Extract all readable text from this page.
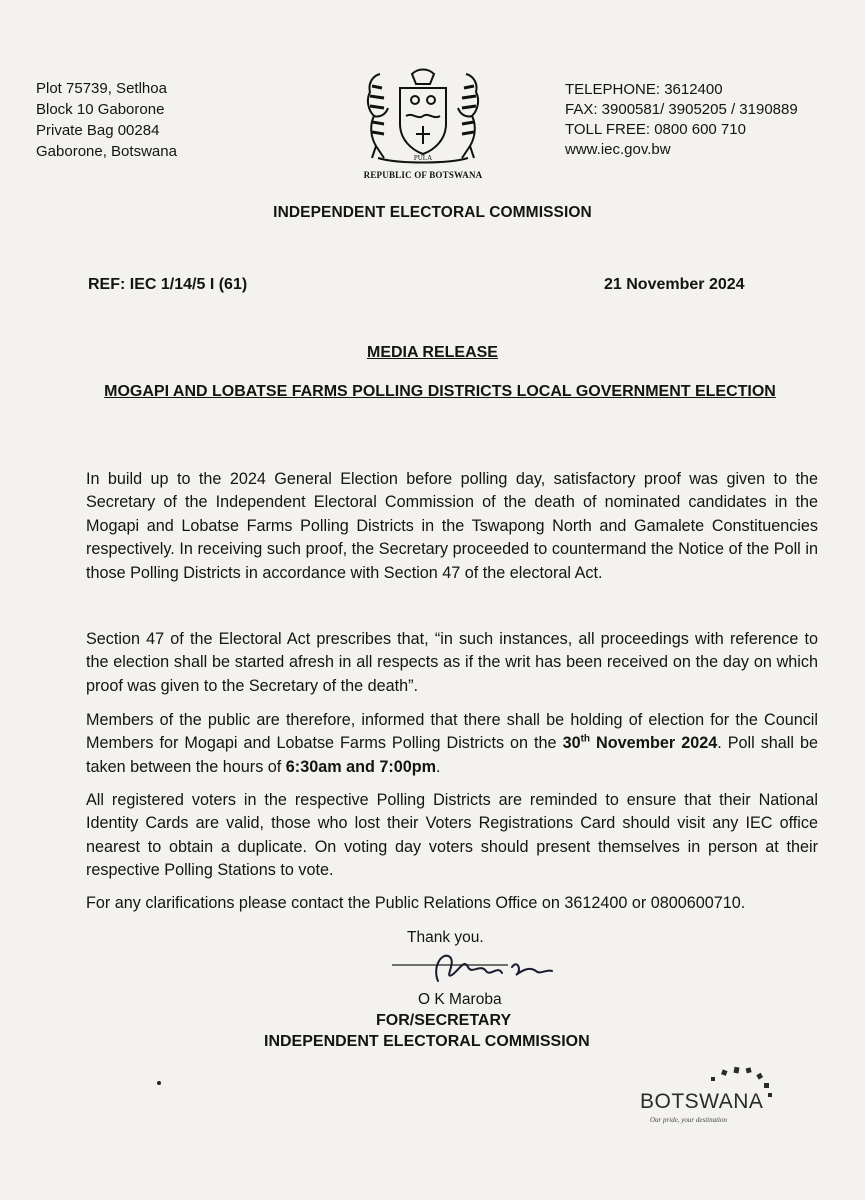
Plot 75739, Setlhoa
Block 10 Gaborone
Private Bag 00284
Gaborone, Botswana	PULA
REPUBLIC OF BOTSWANA
TELEPHONE: 3612400
FAX: 3900581/ 3905205 / 3190889
TOLL FREE: 0800 600 710
www.iec.gov.bw
INDEPENDENT ELECTORAL COMMISSION
REF: IEC 1/14/5 I (61)	21 November 2024
MEDIA RELEASE
MOGAPI AND LOBATSE FARMS POLLING DISTRICTS LOCAL GOVERNMENT ELECTION
In build up to the 2024 General Election before polling day, satisfactory proof was given to the Secretary of the Independent Electoral Commission of the death of nominated candidates in the Mogapi and Lobatse Farms Polling Districts in the Tswapong North and Gamalete Constituencies respectively. In receiving such proof, the Secretary proceeded to countermand the Notice of the Poll in those Polling Districts in accordance with Section 47 of the electoral Act.
Section 47 of the Electoral Act prescribes that, “in such instances, all proceedings with reference to the election shall be started afresh in all respects as if the writ has been received on the day on which proof was given to the Secretary of the death”.
Members of the public are therefore, informed that there shall be holding of election for the Council Members for Mogapi and Lobatse Farms Polling Districts on the 30th November 2024. Poll shall be taken between the hours of 6:30am and 7:00pm.
All registered voters in the respective Polling Districts are reminded to ensure that their National Identity Cards are valid, those who lost their Voters Registrations Card should visit any IEC office nearest to obtain a duplicate. On voting day voters should present themselves in person at their respective Polling Stations to vote.
For any clarifications please contact the Public Relations Office on 3612400 or 0800600710.
Thank you.
O K Maroba
FOR/SECRETARY
INDEPENDENT ELECTORAL COMMISSION
BOTSWANA
Our pride, your destination
